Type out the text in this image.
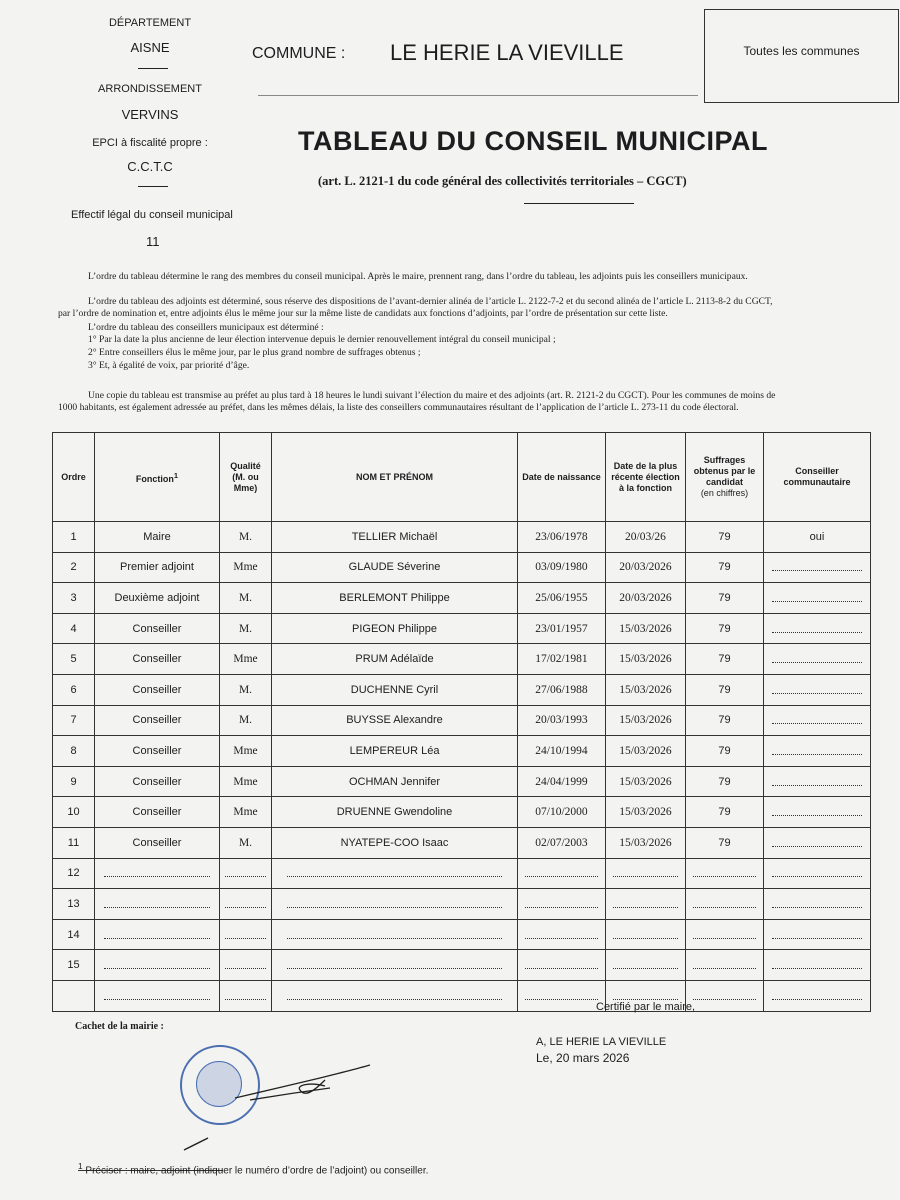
DÉPARTEMENT
AISNE
ARRONDISSEMENT
VERVINS
EPCI à fiscalité propre :
C.C.T.C
Effectif légal du conseil municipal
11
COMMUNE : LE HERIE LA VIEVILLE	Toutes les communes
TABLEAU DU CONSEIL MUNICIPAL
(art. L. 2121-1 du code général des collectivités territoriales – CGCT)
L’ordre du tableau détermine le rang des membres du conseil municipal. Après le maire, prennent rang, dans l’ordre du tableau, les adjoints puis les conseillers municipaux.
L’ordre du tableau des adjoints est déterminé, sous réserve des dispositions de l’avant-dernier alinéa de l’article L. 2122-7-2 et du second alinéa de l’article L. 2113-8-2 du CGCT,
par l’ordre de nomination et, entre adjoints élus le même jour sur la même liste de candidats aux fonctions d’adjoints, par l’ordre de présentation sur cette liste.
L’ordre du tableau des conseillers municipaux est déterminé :
1° Par la date la plus ancienne de leur élection intervenue depuis le dernier renouvellement intégral du conseil municipal ;
2° Entre conseillers élus le même jour, par le plus grand nombre de suffrages obtenus ;
3° Et, à égalité de voix, par priorité d’âge.
Une copie du tableau est transmise au préfet au plus tard à 18 heures le lundi suivant l’élection du maire et des adjoints (art. R. 2121-2 du CGCT). Pour les communes de moins de
1000 habitants, est également adressée au préfet, dans les mêmes délais, la liste des conseillers communautaires résultant de l’application de l’article L. 273-11 du code électoral.
Ordre	Fonction$^1$	Qualité (M. ou Mme)	NOM ET PRÉNOM	Date de naissance	Date de la plus récente élection à la fonction	Suffrages obtenus par le candidat
(en chiffres)	Conseiller communautaire
1	Maire	M.	TELLIER Michaël	23/06/1978	20/03/26	79	oui
2	Premier adjoint	Mme	GLAUDE Séverine	03/09/1980	20/03/2026	79	
3	Deuxième adjoint	M.	BERLEMONT Philippe	25/06/1955	20/03/2026	79	
4	Conseiller	M.	PIGEON Philippe	23/01/1957	15/03/2026	79	
5	Conseiller	Mme	PRUM Adélaïde	17/02/1981	15/03/2026	79	
6	Conseiller	M.	DUCHENNE Cyril	27/06/1988	15/03/2026	79	
7	Conseiller	M.	BUYSSE Alexandre	20/03/1993	15/03/2026	79	
8	Conseiller	Mme	LEMPEREUR Léa	24/10/1994	15/03/2026	79	
9	Conseiller	Mme	OCHMAN Jennifer	24/04/1999	15/03/2026	79	
10	Conseiller	Mme	DRUENNE Gwendoline	07/10/2000	15/03/2026	79	
11	Conseiller	M.	NYATEPE-COO Isaac	02/07/2003	15/03/2026	79	
12							
13							
14							
15							

Certifié par le maire,
Cachet de la mairie :
A, LE HERIE LA VIEVILLE
Le, 20 mars 2026
$^1$ Préciser : maire, adjoint (indiquer le numéro d’ordre de l’adjoint) ou conseiller.
